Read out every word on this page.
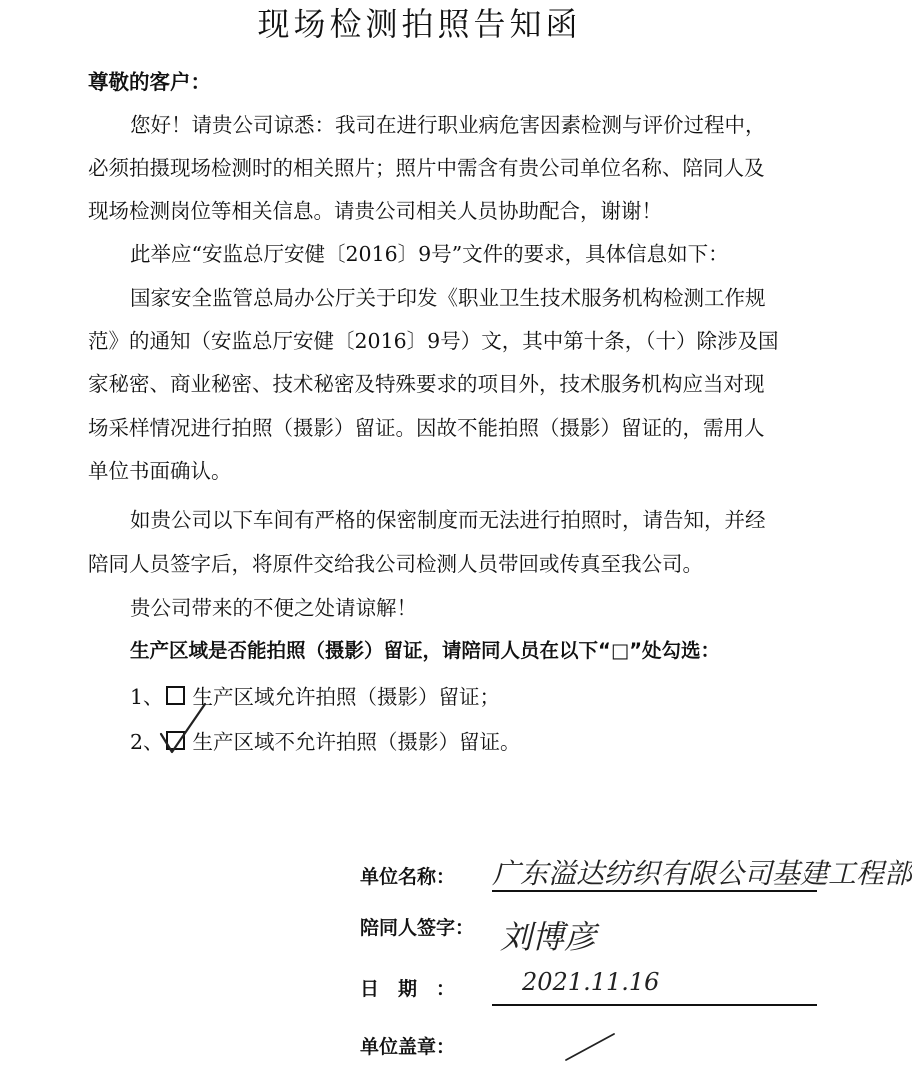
现场检测拍照告知函
尊敬的客户：
您好！请贵公司谅悉：我司在进行职业病危害因素检测与评价过程中，
必须拍摄现场检测时的相关照片；照片中需含有贵公司单位名称、陪同人及
现场检测岗位等相关信息。请贵公司相关人员协助配合，谢谢！
此举应“安监总厅安健〔2016〕9号”文件的要求，具体信息如下：
国家安全监管总局办公厅关于印发《职业卫生技术服务机构检测工作规
范》的通知（安监总厅安健〔2016〕9号）文，其中第十条，（十）除涉及国
家秘密、商业秘密、技术秘密及特殊要求的项目外，技术服务机构应当对现
场采样情况进行拍照（摄影）留证。因故不能拍照（摄影）留证的，需用人
单位书面确认。
如贵公司以下车间有严格的保密制度而无法进行拍照时，请告知，并经
陪同人员签字后，将原件交给我公司检测人员带回或传真至我公司。
贵公司带来的不便之处请谅解！
生产区域是否能拍照（摄影）留证，请陪同人员在以下“□”处勾选：
1、 生产区域允许拍照（摄影）留证；
2、 生产区域不允许拍照（摄影）留证。
单位名称： 广东溢达纺织有限公司基建工程部
陪同人签字： 刘博彦
日　期　：	2021.11.16
单位盖章：
